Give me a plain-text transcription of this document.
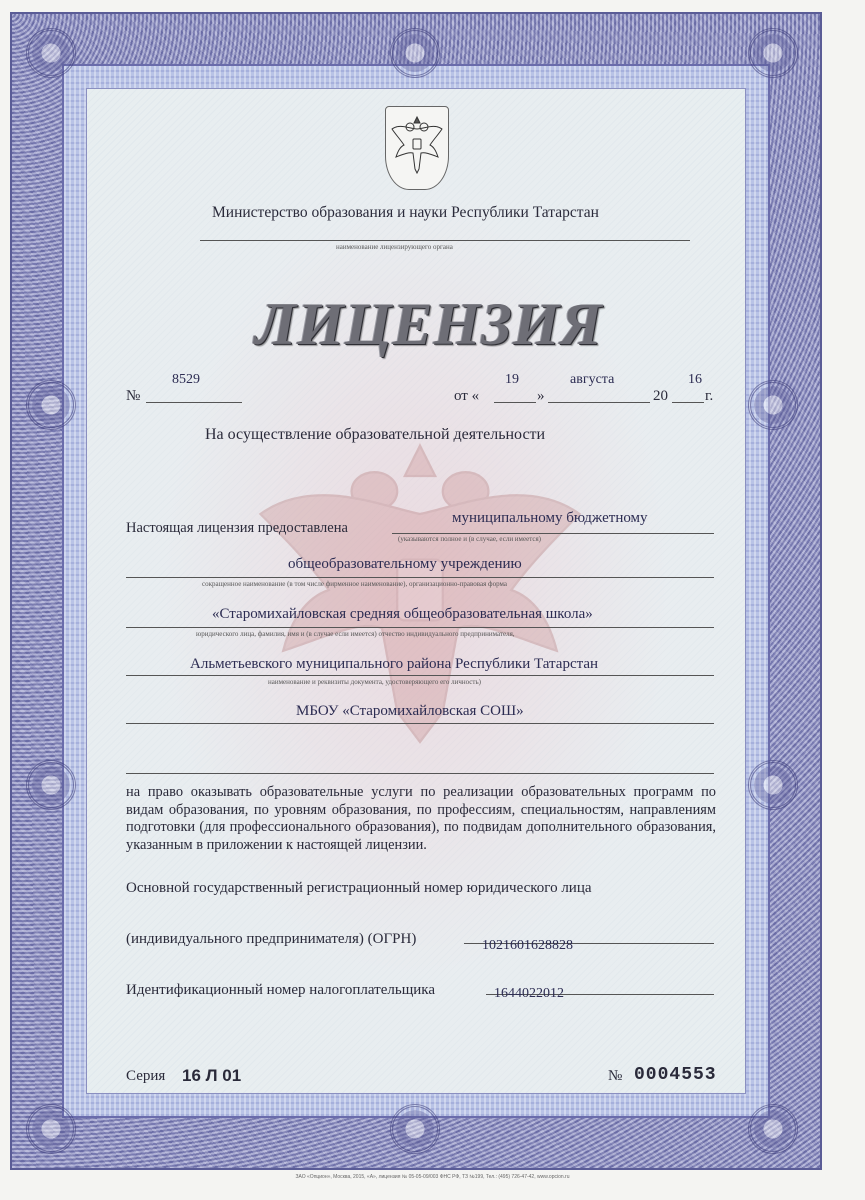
Министерство образования и науки Республики Татарстан
наименование лицензирующего органа
ЛИЦЕНЗИЯ
№
8529
от «
19
»
августа
20
16
г.
На осуществление образовательной деятельности
Настоящая лицензия предоставлена
муниципальному бюджетному
(указываются полное и (в случае, если имеется)
общеобразовательному учреждению
сокращенное наименование (в том числе фирменное наименование), организационно-правовая форма
«Старомихайловская средняя общеобразовательная школа»
юридического лица, фамилия, имя и (в случае если имеется) отчество индивидуального предпринимателя,
Альметьевского муниципального района Республики Татарстан
наименование и реквизиты документа, удостоверяющего его личность)
МБОУ «Старомихайловская СОШ»
на право оказывать образовательные услуги по реализации образовательных программ по видам образования, по уровням образования, по профессиям, специальностям, направлениям подготовки (для профессионального образования), по подвидам дополнительного образования, указанным в приложении к настоящей лицензии.
Основной государственный регистрационный номер юридического лица
(индивидуального предпринимателя) (ОГРН)	1021601628828
Идентификационный номер налогоплательщика	1644022012
Серия 16 Л 01	№ 0004553
ЗАО «Опцион», Москва, 2015, «А», лицензия № 05-05-09/003 ФНС РФ, ТЗ №199, Тел.: (495) 726-47-42, www.opcion.ru
